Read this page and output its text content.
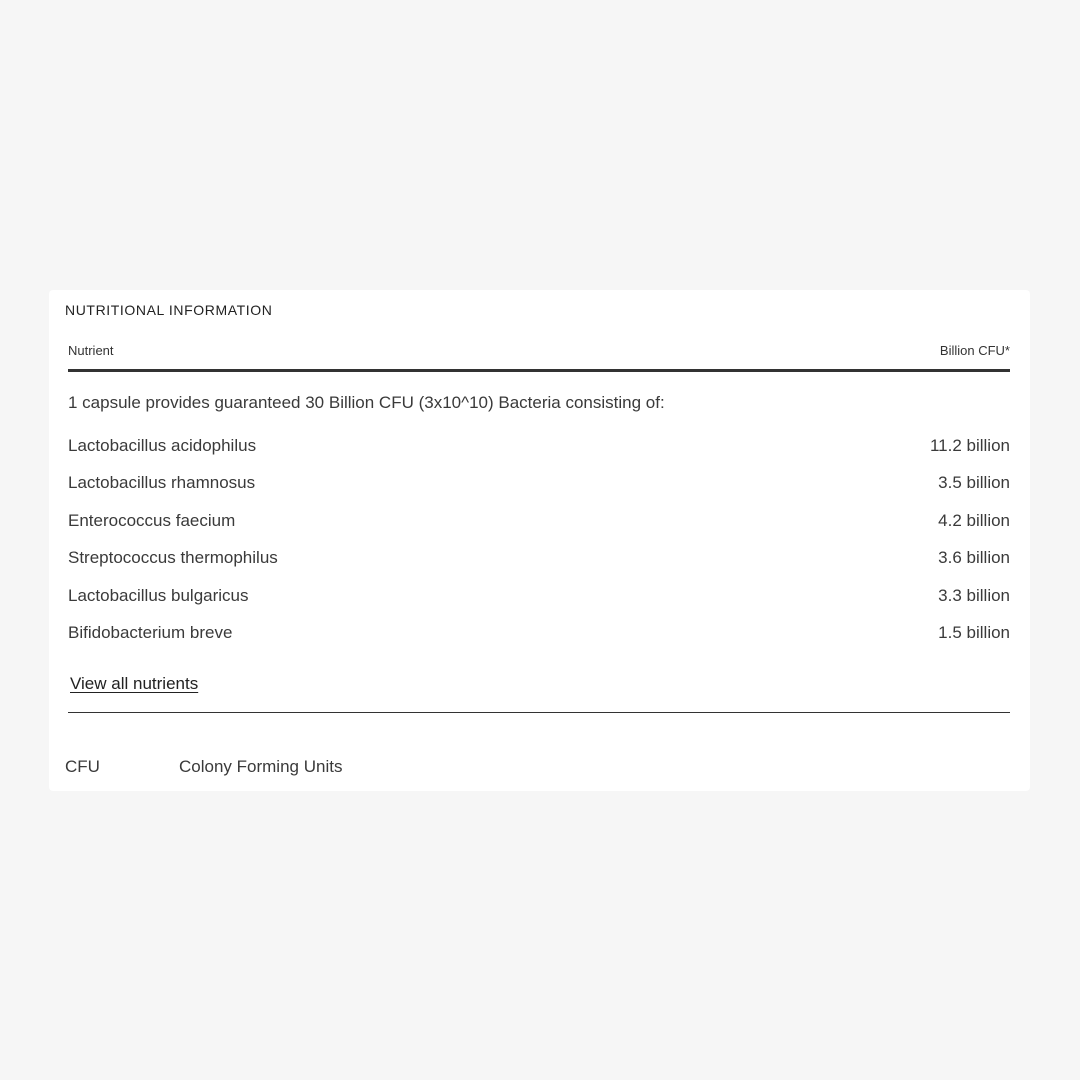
NUTRITIONAL INFORMATION
Nutrient	Billion CFU*
1 capsule provides guaranteed 30 Billion CFU (3x10^10) Bacteria consisting of:
Lactobacillus acidophilus	11.2 billion
Lactobacillus rhamnosus	3.5 billion
Enterococcus faecium	4.2 billion
Streptococcus thermophilus	3.6 billion
Lactobacillus bulgaricus	3.3 billion
Bifidobacterium breve	1.5 billion
View all nutrients
CFU	Colony Forming Units
